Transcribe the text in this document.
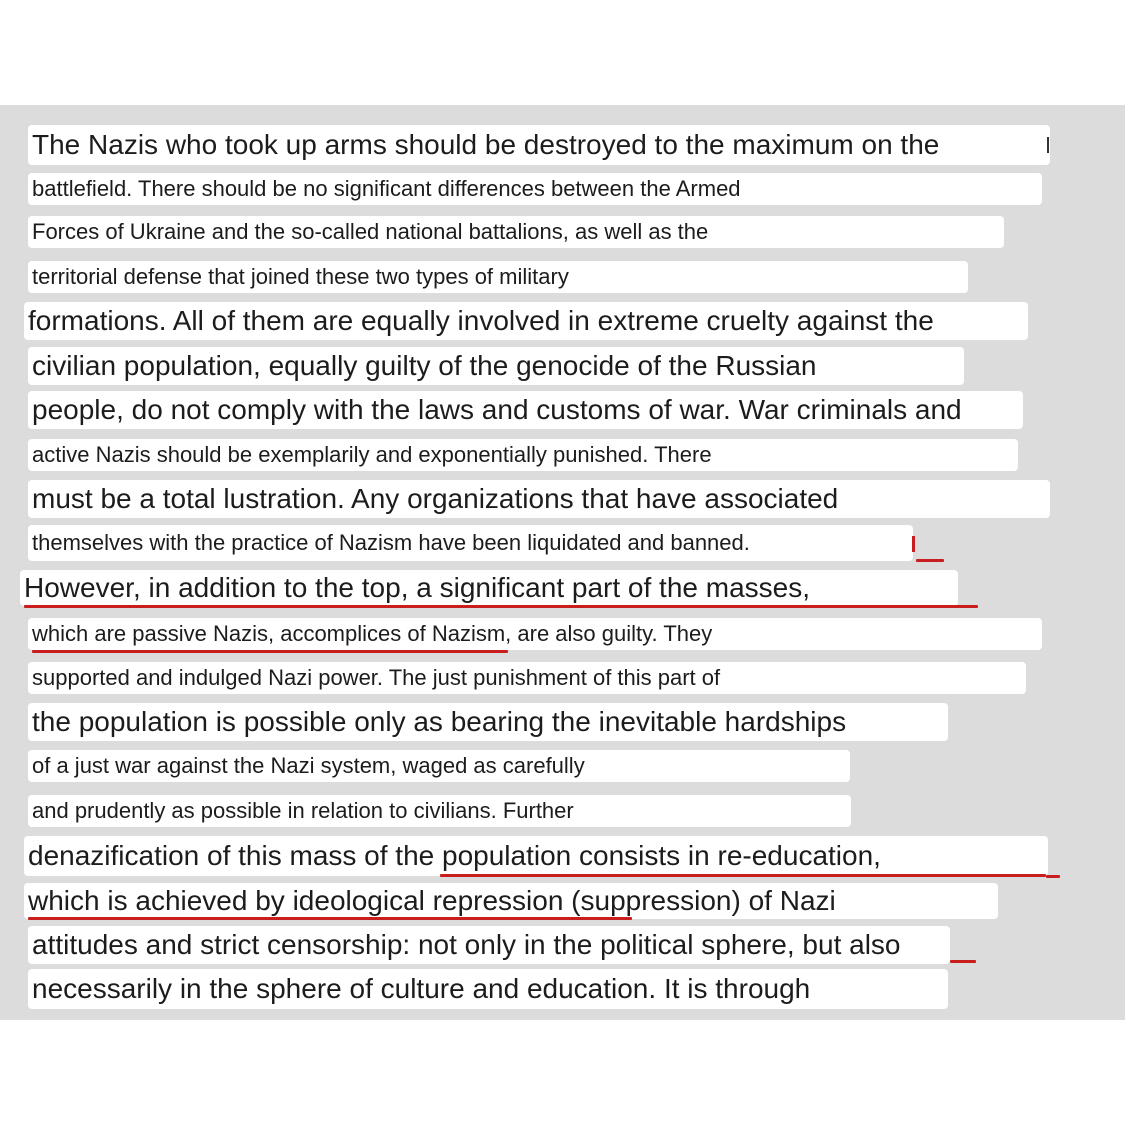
The Nazis who took up arms should be destroyed to the maximum on the
battlefield. There should be no significant differences between the Armed
Forces of Ukraine and the so-called national battalions, as well as the
territorial defense that joined these two types of military
formations. All of them are equally involved in extreme cruelty against the
civilian population, equally guilty of the genocide of the Russian
people, do not comply with the laws and customs of war. War criminals and
active Nazis should be exemplarily and exponentially punished. There
must be a total lustration. Any organizations that have associated
themselves with the practice of Nazism have been liquidated and banned.
However, in addition to the top, a significant part of the masses,
which are passive Nazis, accomplices of Nazism, are also guilty. They
supported and indulged Nazi power. The just punishment of this part of
the population is possible only as bearing the inevitable hardships
of a just war against the Nazi system, waged as carefully
and prudently as possible in relation to civilians. Further
denazification of this mass of the population consists in re-education,
which is achieved by ideological repression (suppression) of Nazi
attitudes and strict censorship: not only in the political sphere, but also
necessarily in the sphere of culture and education. It is through
